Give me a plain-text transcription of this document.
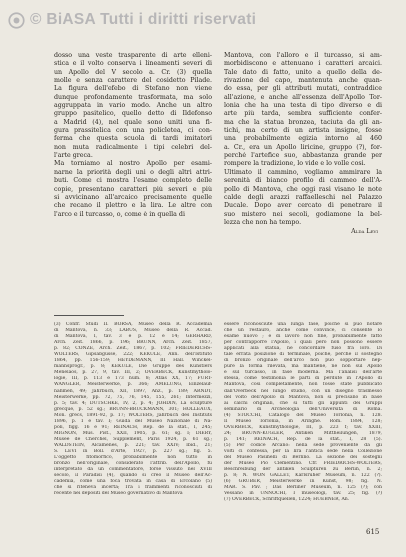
© BiASA Tutti i diritti riservati
dosso una veste trasparente di arte elleni-
stica e il volto conserva i lineamenti severi di
un Apollo del V secolo a. Cr. (3) quella
molle e senza carattere del cosidetto Pilade.
La figura dell'efebo di Stefano non viene
dunque profondamente trasformata, ma solo
aggruppata in vario modo. Anche un altro
gruppo pasitelico, quello detto di Ildefonso
a Madrid (4), nel quale sono uniti una fi-
gura prassitelica con una policletea, ci con-
ferma che questa scuola di tardi imitatori
non muta radicalmente i tipi celebri del-
l'arte greca.
Ma torniamo al nostro Apollo per esami-
narne la priorità degli uni o degli altri attri-
buti. Come ci mostra l'esame completo delle
copie, presentano caratteri più severi e più
si avvicinano all'arcaico precisamente quelle
che recano il plettro e la lira. Le altre con
l'arco e il turcasso, o, come è in quella di
Mantova, con l'alloro e il turcasso, si am-
morbidiscono e attenuano i caratteri arcaici.
Tale dato di fatto, unito a quello della de-
rivazione del capo, mantenuta anche quan-
do essa, per gli attributi mutati, contraddice
all'azione, e anche all'essenza dell'Apollo Tor-
lonia che ha una testa di tipo diverso e di
arte più tarda, sembra sufficiente confer-
ma che la statua bronzea, taciuta da gli an-
tichi, ma certo di un artista insigne, fosse
una probabilmente egizia intorno al 460
a. Cr., era un Apollo liricine, gruppo (?), for-
perché l'artefice suo, abbastanza grande per
rompere la tradizione, lo vide e lo volle così.
Ultimato il cammino, vogliamo ammirare la
serenità di bianco profilo di cammeo dell'A-
pollo di Mantova, che oggi rasi visano le note
calde degli arazzi raffaelleschi nel Palazzo
Ducale. Dopo aver cercato di penetrare il
suo mistero nei secoli, godiamone la bel-
lezza che non ha tempo.
Alda Levi
(3) Confr. Studi II. BORSA, Museo della R. Accademia
di Mantova, n. 33; LABUS, Museo della R. Accad.
di Mantova, I, tav. 3 e p. 12 e 14; GERHARD,
Arch. Zeit. 1866, p. 196; BRUNN, Arch. Zeit. 1857,
p. 82; CONZE, Arch. Zeit., 1867, p. 102; FRIEDERICHS-
WOLTERS, Gipsabgüsse, 222; KEKULÉ, Ann. dell'Istituto
1864, pp. 156-159; HEYDEMANN, III Hall. Winckel-
mannsprogr., p. 8; KEKULÉ, Die Gruppe des Künstlers
Menelaos, p. 27, 9, tav. III, 2; OVERBECK, Kunstmytholo-
logie, III, p. 113 e 173 num. 8; Atlas XX, 17; FURT-
WÄNGLER, Meisterwerke, p. 366; AMELUNG, Einzelauf-
nahmen, 49; Jahrbuch, XII, 1897, Anz., p. 189; ARNDT,
Meisterwerke, pp. 72, 75, 76, 145, 155, 261; Intermezzi,
p. 5; tav. 4; DÜTSCHKE, IV, 2, p. 4; JOHDIN, La sculpture
grecque, p. 52 sg.; BRUNN-BRUCKMANN, 301; HOLLEAUX,
Mon. grecs, 1891-92, p. 17; WOLTERS, Jahrbuch des Instituts
1896, p. 1 e tav. I; Guida del Museo Nazionale di Na-
poli, figg. 16 e 91; REINACH, Rép. de la stat., I, 245;
MIGNON, Mus. Pist., XXII, 1905, p. 61; sg. I; DIERY,
Musée de Cherchel, Supplément, Paris 1924, p. 61 sg.;
WALDSTEIN, Alcamenes, p. 221; tav. XXIV; Ibid., 21;
S. LEVI in Boll. d'Arte, 1927, p. 227 sg.; fig. 5.
L'oggetto fitomorfico, probabilmente non tutto in
bronzo nell'originale, considerato l'attrib. dell'Apollo, fu
interpretato da un commentatore, forse vissuto nel XVIII
secolo, il Paradisi (4), quando si creò il Museo dell'Ac-
cademia, come una foca trovata in casa di Ercolano (5)
che si riteneva incerta; Tra i frammenti riconosciuti di
recente nei depositi del Museo governativo di Mantova
essere riconosciute una lunga fase, poiché si può notare
che un restauro, anche come convince, ci consente lo
esame nuovo ; e di lavoro non fine, probabilmente fatto
per contrapporre l'Apollo, i quali però non possono essere
applicati alla statua, ne concordare fuso fra loro. Di
tale errata posizione di terminale, poiché, perché il sostegno
di bronzo originale dell'arco non può sopportare nep-
pure la forma rilevata, ma mantiene, ne non sul Apollo
e sul turcasso, in fase moderna. Ma l'analisi dell'arte
stessa, come testimonia le parti di perdute in l'Apollo di
Mantova, così completamente, non fosse state pubblicato
dall'Overbeck nel lungo studio, con un disegno trasmesso
del volto dell'Apollo di Mantova, non si precisano in base
ai calchi originali, che si tutti gli appunti dei Gruppi
seminario di Archeologia dell'Università di Roma.
(4) STOCCHI, Catalogo del Museo Torlonia, n. 128.
Il Museo Torlonia, in Aringhe. Rom. 1884, 128;
OVERBECK, Kunstmythologie, III, p. 223 f; tav. XXIII,
24; BRUNN-KÜGLER, Antiken Mittheilungen, 1879,
p. 141; REINACH, Rép. de la stat., I, 28 (5).
(5) Per codice Arcano: nella sede proveniente da gli
volti ci confessa, per la lira l'antica sede nella Collezione
del Museo Pasinelli di Berlino. La sezione dei sostegni
del' Museo Pio Clementino. Cfr. FRIEDRICHS-WOLTERS,
Beschreibung der antiken Sculpturen zu Berlin, n. 2;
p. 8; N. WON GALLET, Karlsruher Museum, n. 122 (?).
(6) GRÜBER, Meisterwerke in Kunst, 98; fig. N.
MAR. S. Pav. ; Das Berliner Museum, n. 125 (?); con
Vessano in UNNOCHI, I museologi, tav. 25; fig. (?)
(7) OVERBECK, Schriftquellen, 1224; HUEBNER, An.
615
